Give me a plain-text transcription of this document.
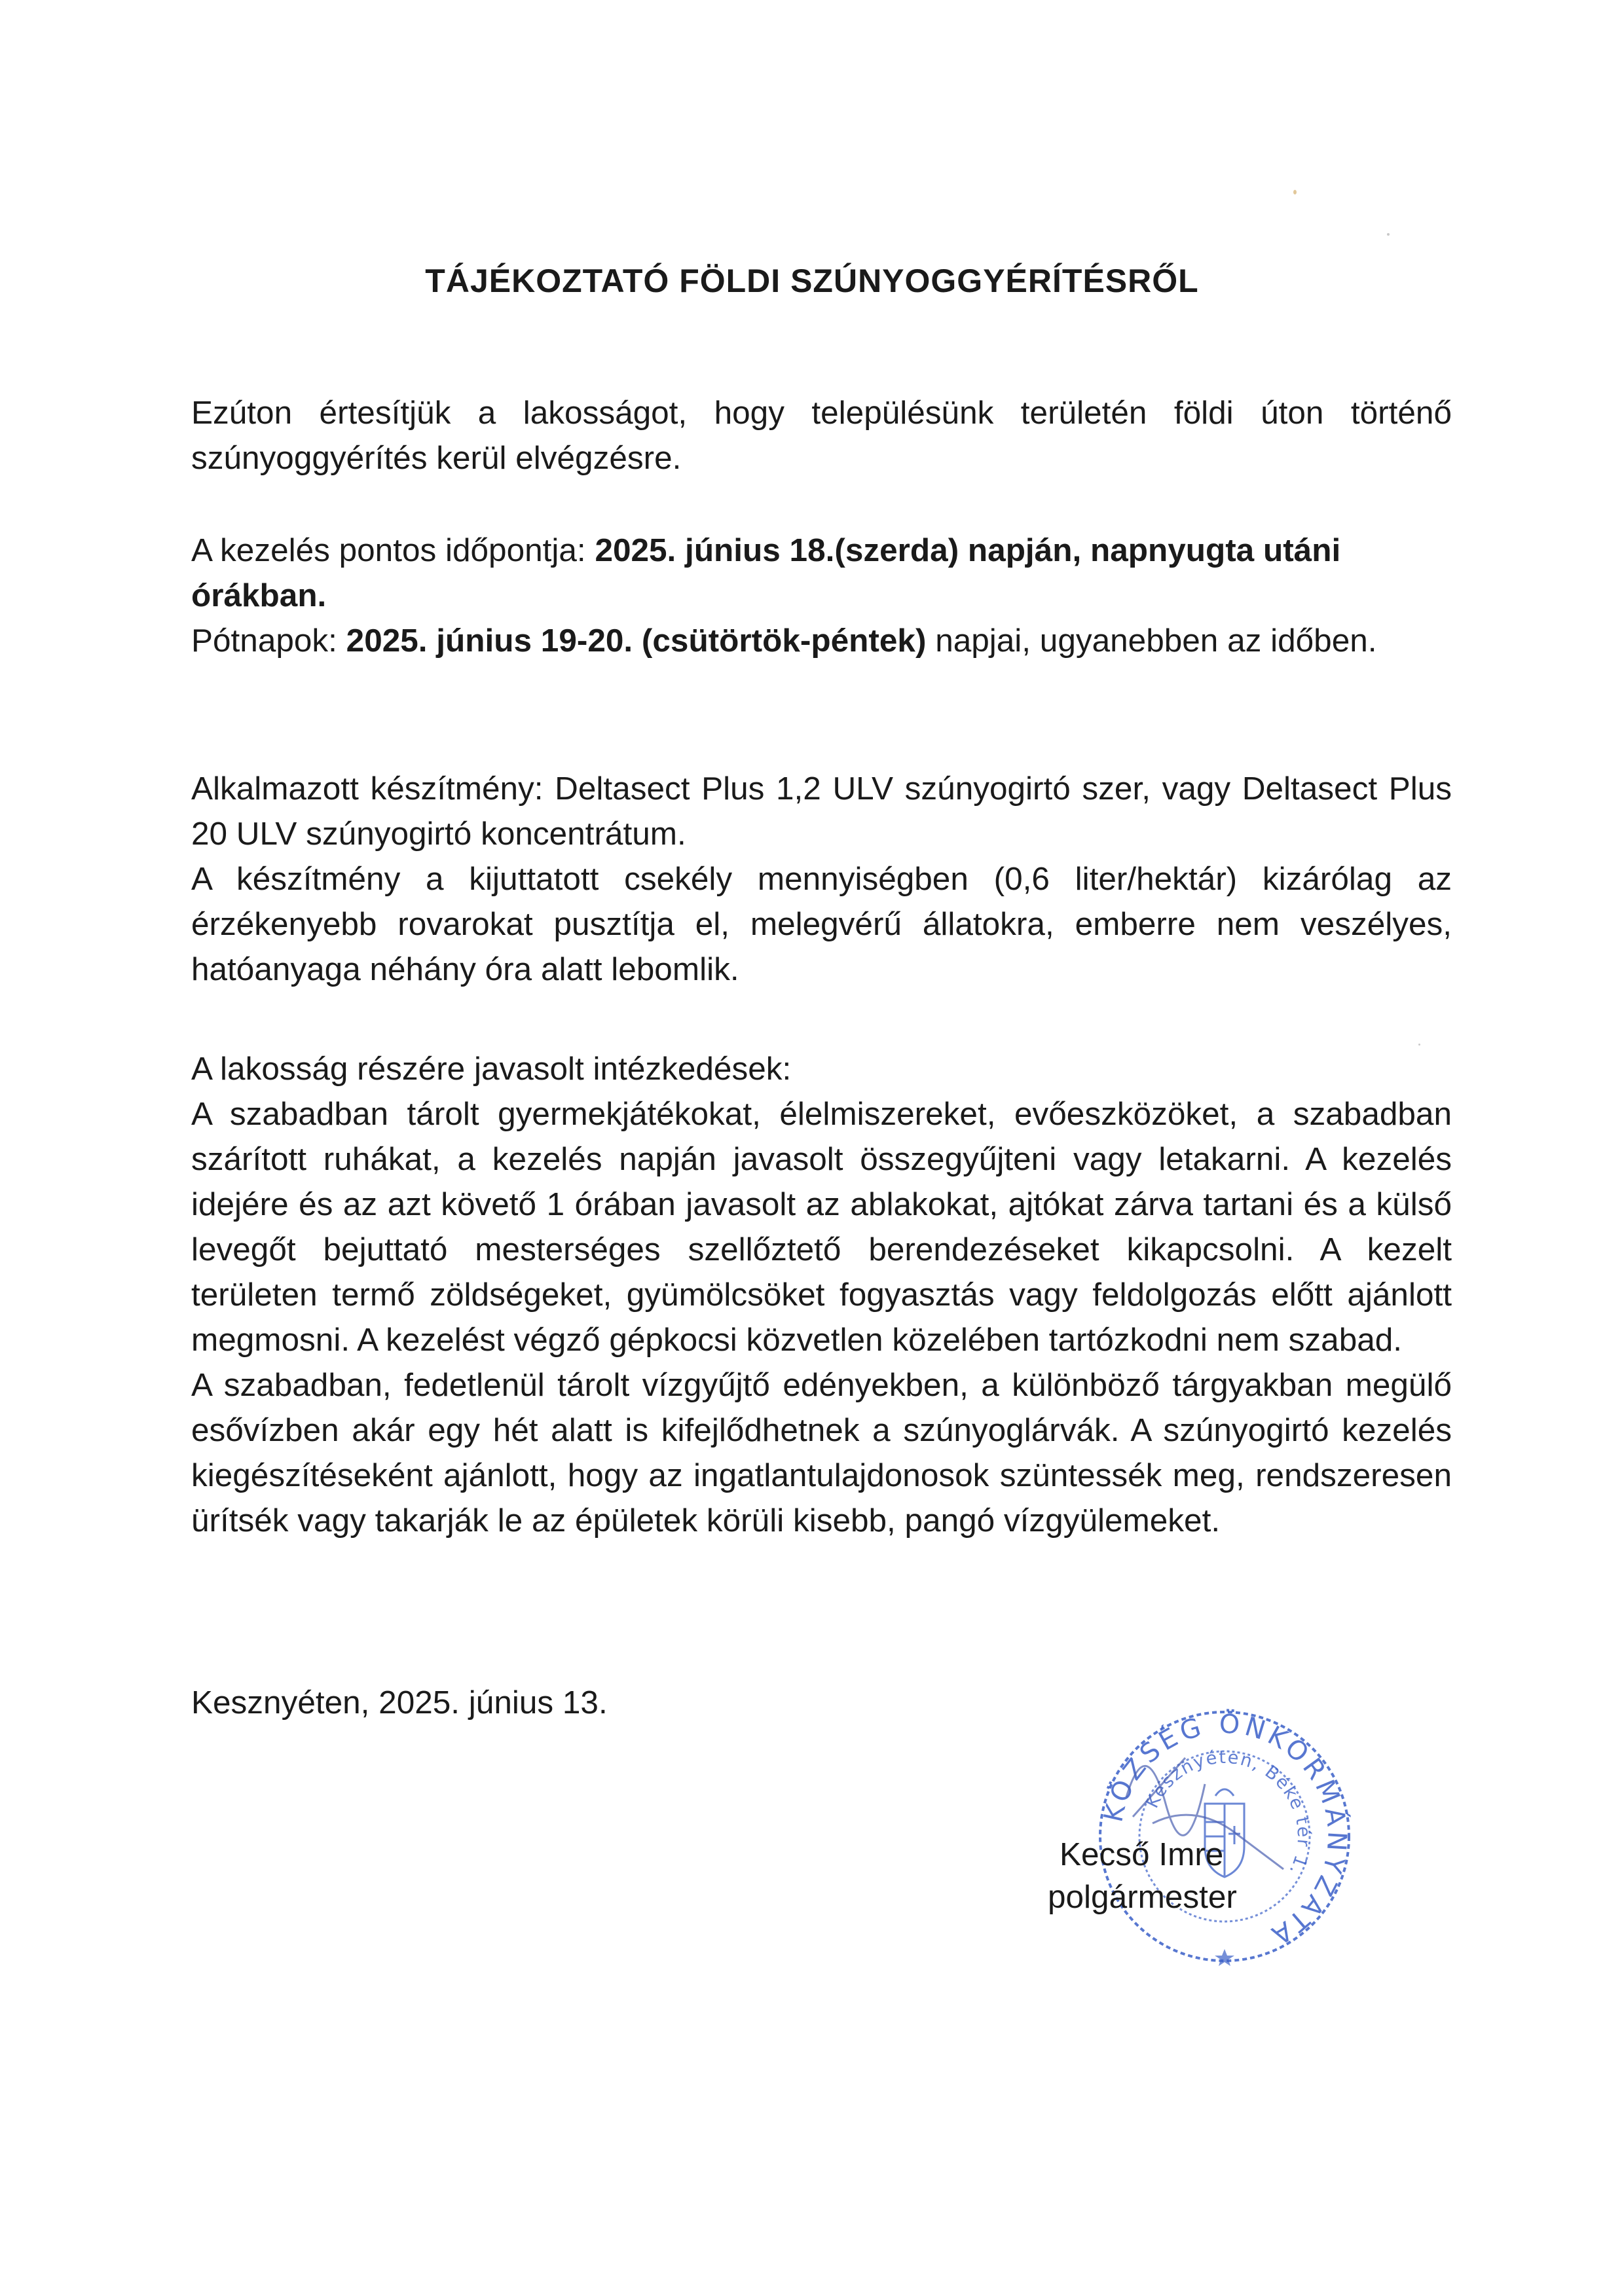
TÁJÉKOZTATÓ FÖLDI SZÚNYOGGYÉRÍTÉSRŐL

Ezúton értesítjük a lakosságot, hogy településünk területén földi úton történő szúnyoggyérítés kerül elvégzésre.

A kezelés pontos időpontja: 2025. június 18.(szerda) napján, napnyugta utáni órákban.
Pótnapok: 2025. június 19-20. (csütörtök-péntek) napjai, ugyanebben az időben.
Alkalmazott készítmény: Deltasect Plus 1,2 ULV szúnyogirtó szer, vagy Deltasect Plus 20 ULV szúnyogirtó koncentrátum.
A készítmény a kijuttatott csekély mennyiségben (0,6 liter/hektár) kizárólag az érzékenyebb rovarokat pusztítja el, melegvérű állatokra, emberre nem veszélyes, hatóanyaga néhány óra alatt lebomlik.
A lakosság részére javasolt intézkedések:
A szabadban tárolt gyermekjátékokat, élelmiszereket, evőeszközöket, a szabadban szárított ruhákat, a kezelés napján javasolt összegyűjteni vagy letakarni. A kezelés idejére és az azt követő 1 órában javasolt az ablakokat, ajtókat zárva tartani és a külső levegőt bejuttató mesterséges szellőztető berendezéseket kikapcsolni. A kezelt területen termő zöldségeket, gyümölcsöket fogyasztás vagy feldolgozás előtt ajánlott megmosni. A kezelést végző gépkocsi közvetlen közelében tartózkodni nem szabad.
A szabadban, fedetlenül tárolt vízgyűjtő edényekben, a különböző tárgyakban megülő esővízben akár egy hét alatt is kifejlődhetnek a szúnyoglárvák. A szúnyogirtó kezelés kiegészítéseként ajánlott, hogy az ingatlantulajdonosok szüntessék meg, rendszeresen ürítsék vagy takarják le az épületek körüli kisebb, pangó vízgyülemeket.

Kesznyéten, 2025. június 13.

KÖZSÉG ÖNKORMÁNYZATA
Kesznyéten, Béke tér 1.

Kecső Imre

polgármester
